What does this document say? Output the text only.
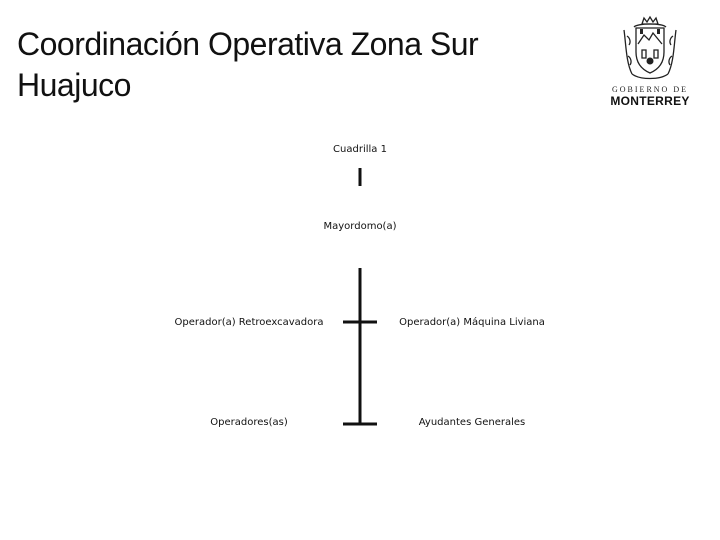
Coordinación Operativa Zona Sur
Huajuco	GOBIERNO DE
MONTERREY
Cuadrilla 1
Mayordomo(a)
Operador(a) Retroexcavadora	Operador(a) Máquina Liviana
Operadores(as)	Ayudantes Generales
